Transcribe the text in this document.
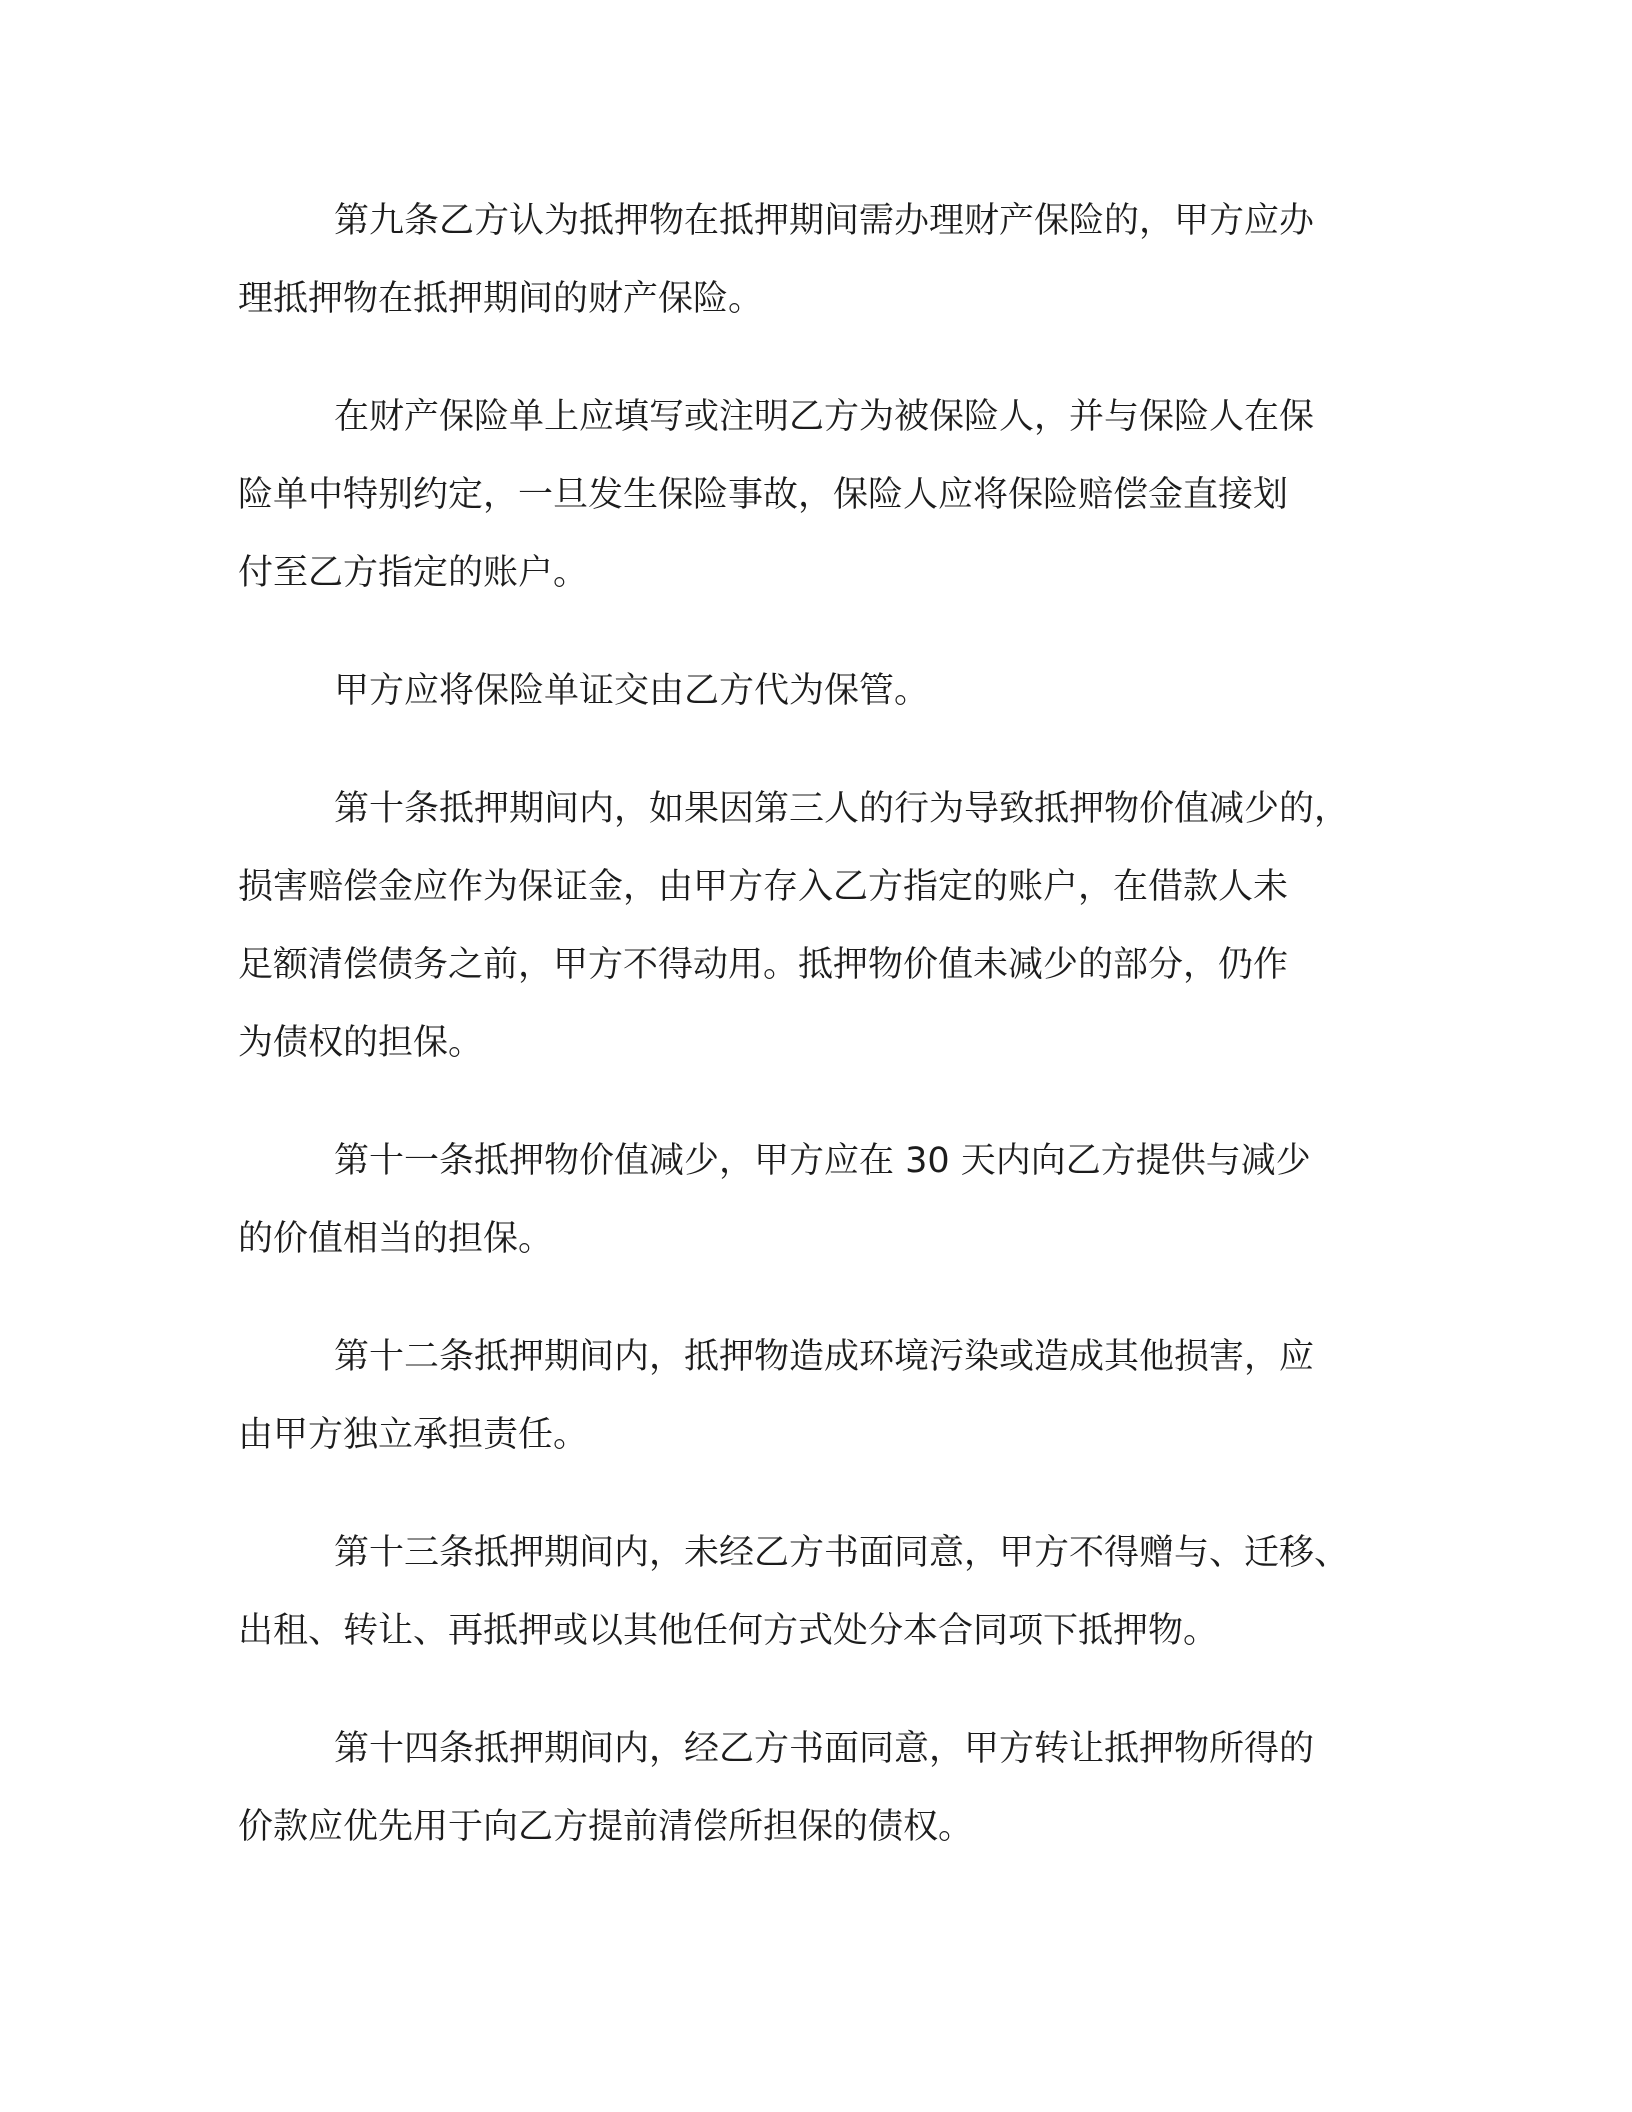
第九条乙方认为抵押物在抵押期间需办理财产保险的，甲方应办
理抵押物在抵押期间的财产保险。

在财产保险单上应填写或注明乙方为被保险人，并与保险人在保
险单中特别约定，一旦发生保险事故，保险人应将保险赔偿金直接划
付至乙方指定的账户。

甲方应将保险单证交由乙方代为保管。

第十条抵押期间内，如果因第三人的行为导致抵押物价值减少的，
损害赔偿金应作为保证金，由甲方存入乙方指定的账户，在借款人未
足额清偿债务之前，甲方不得动用。抵押物价值未减少的部分，仍作
为债权的担保。

第十一条抵押物价值减少，甲方应在 30 天内向乙方提供与减少
的价值相当的担保。

第十二条抵押期间内，抵押物造成环境污染或造成其他损害，应
由甲方独立承担责任。

第十三条抵押期间内，未经乙方书面同意，甲方不得赠与、迁移、
出租、转让、再抵押或以其他任何方式处分本合同项下抵押物。

第十四条抵押期间内，经乙方书面同意，甲方转让抵押物所得的
价款应优先用于向乙方提前清偿所担保的债权。
